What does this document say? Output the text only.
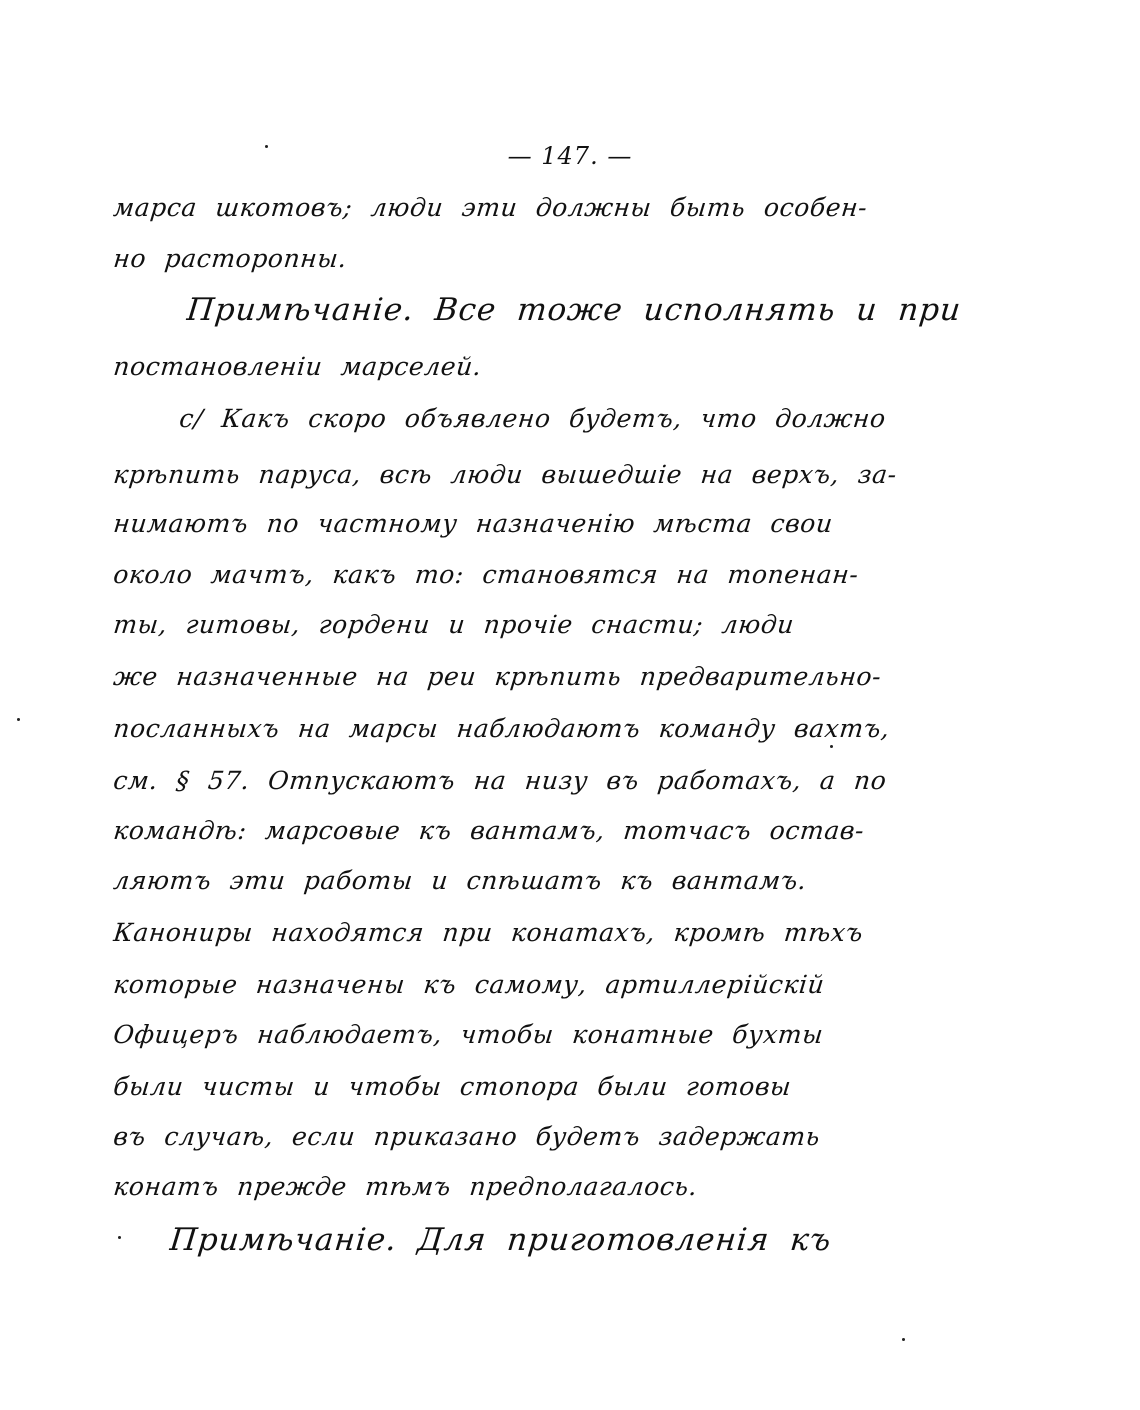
— 147. —
марса шкотовъ; люди эти должны быть особен-
но расторопны.
Примѣчаніе. Все тоже исполнять и при
постановленіи марселей.
c/ Какъ скоро объявлено будетъ, что должно
крѣпить паруса, всѣ люди вышедшіе на верхъ, за-
нимаютъ по частному назначенію мѣста свои
около мачтъ, какъ то: становятся на топенан-
ты, гитовы, гордени и прочіе снасти; люди
же назначенные на реи крѣпить предварительно-
посланныхъ на марсы наблюдаютъ команду вахтъ,
см. § 57. Отпускаютъ на низу въ работахъ, а по
командѣ: марсовые къ вантамъ, тотчасъ остав-
ляютъ эти работы и спѣшатъ къ вантамъ.
Канониры находятся при конатахъ, кромѣ тѣхъ
которые назначены къ самому, артиллерійскій
Офицеръ наблюдаетъ, чтобы конатные бухты
были чисты и чтобы стопора были готовы
въ случаѣ, если приказано будетъ задержать
конатъ прежде тѣмъ предполагалось.
Примѣчаніе. Для приготовленія къ
